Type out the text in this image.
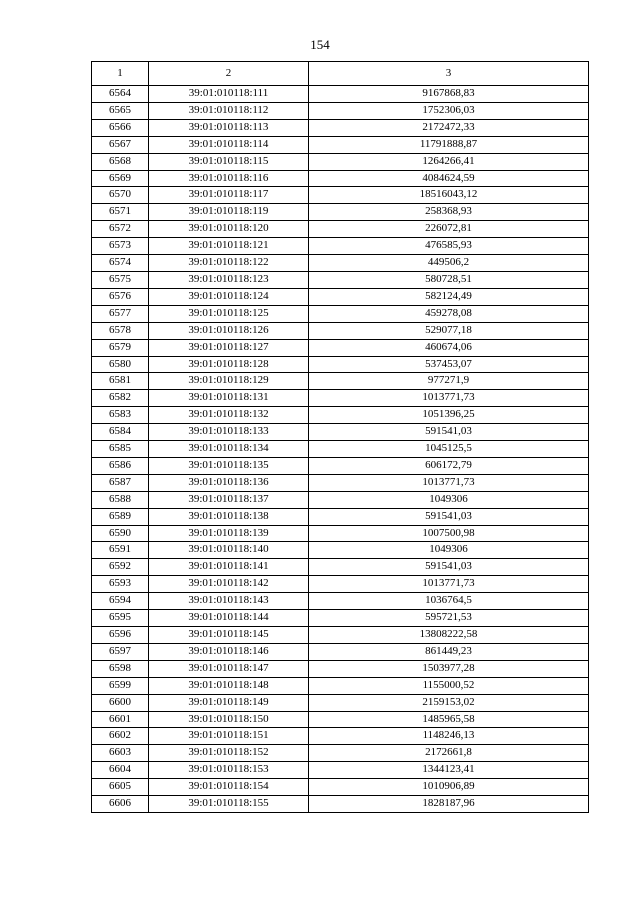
154
1	2	3
6564	39:01:010118:111	9167868,83
6565	39:01:010118:112	1752306,03
6566	39:01:010118:113	2172472,33
6567	39:01:010118:114	11791888,87
6568	39:01:010118:115	1264266,41
6569	39:01:010118:116	4084624,59
6570	39:01:010118:117	18516043,12
6571	39:01:010118:119	258368,93
6572	39:01:010118:120	226072,81
6573	39:01:010118:121	476585,93
6574	39:01:010118:122	449506,2
6575	39:01:010118:123	580728,51
6576	39:01:010118:124	582124,49
6577	39:01:010118:125	459278,08
6578	39:01:010118:126	529077,18
6579	39:01:010118:127	460674,06
6580	39:01:010118:128	537453,07
6581	39:01:010118:129	977271,9
6582	39:01:010118:131	1013771,73
6583	39:01:010118:132	1051396,25
6584	39:01:010118:133	591541,03
6585	39:01:010118:134	1045125,5
6586	39:01:010118:135	606172,79
6587	39:01:010118:136	1013771,73
6588	39:01:010118:137	1049306
6589	39:01:010118:138	591541,03
6590	39:01:010118:139	1007500,98
6591	39:01:010118:140	1049306
6592	39:01:010118:141	591541,03
6593	39:01:010118:142	1013771,73
6594	39:01:010118:143	1036764,5
6595	39:01:010118:144	595721,53
6596	39:01:010118:145	13808222,58
6597	39:01:010118:146	861449,23
6598	39:01:010118:147	1503977,28
6599	39:01:010118:148	1155000,52
6600	39:01:010118:149	2159153,02
6601	39:01:010118:150	1485965,58
6602	39:01:010118:151	1148246,13
6603	39:01:010118:152	2172661,8
6604	39:01:010118:153	1344123,41
6605	39:01:010118:154	1010906,89
6606	39:01:010118:155	1828187,96
